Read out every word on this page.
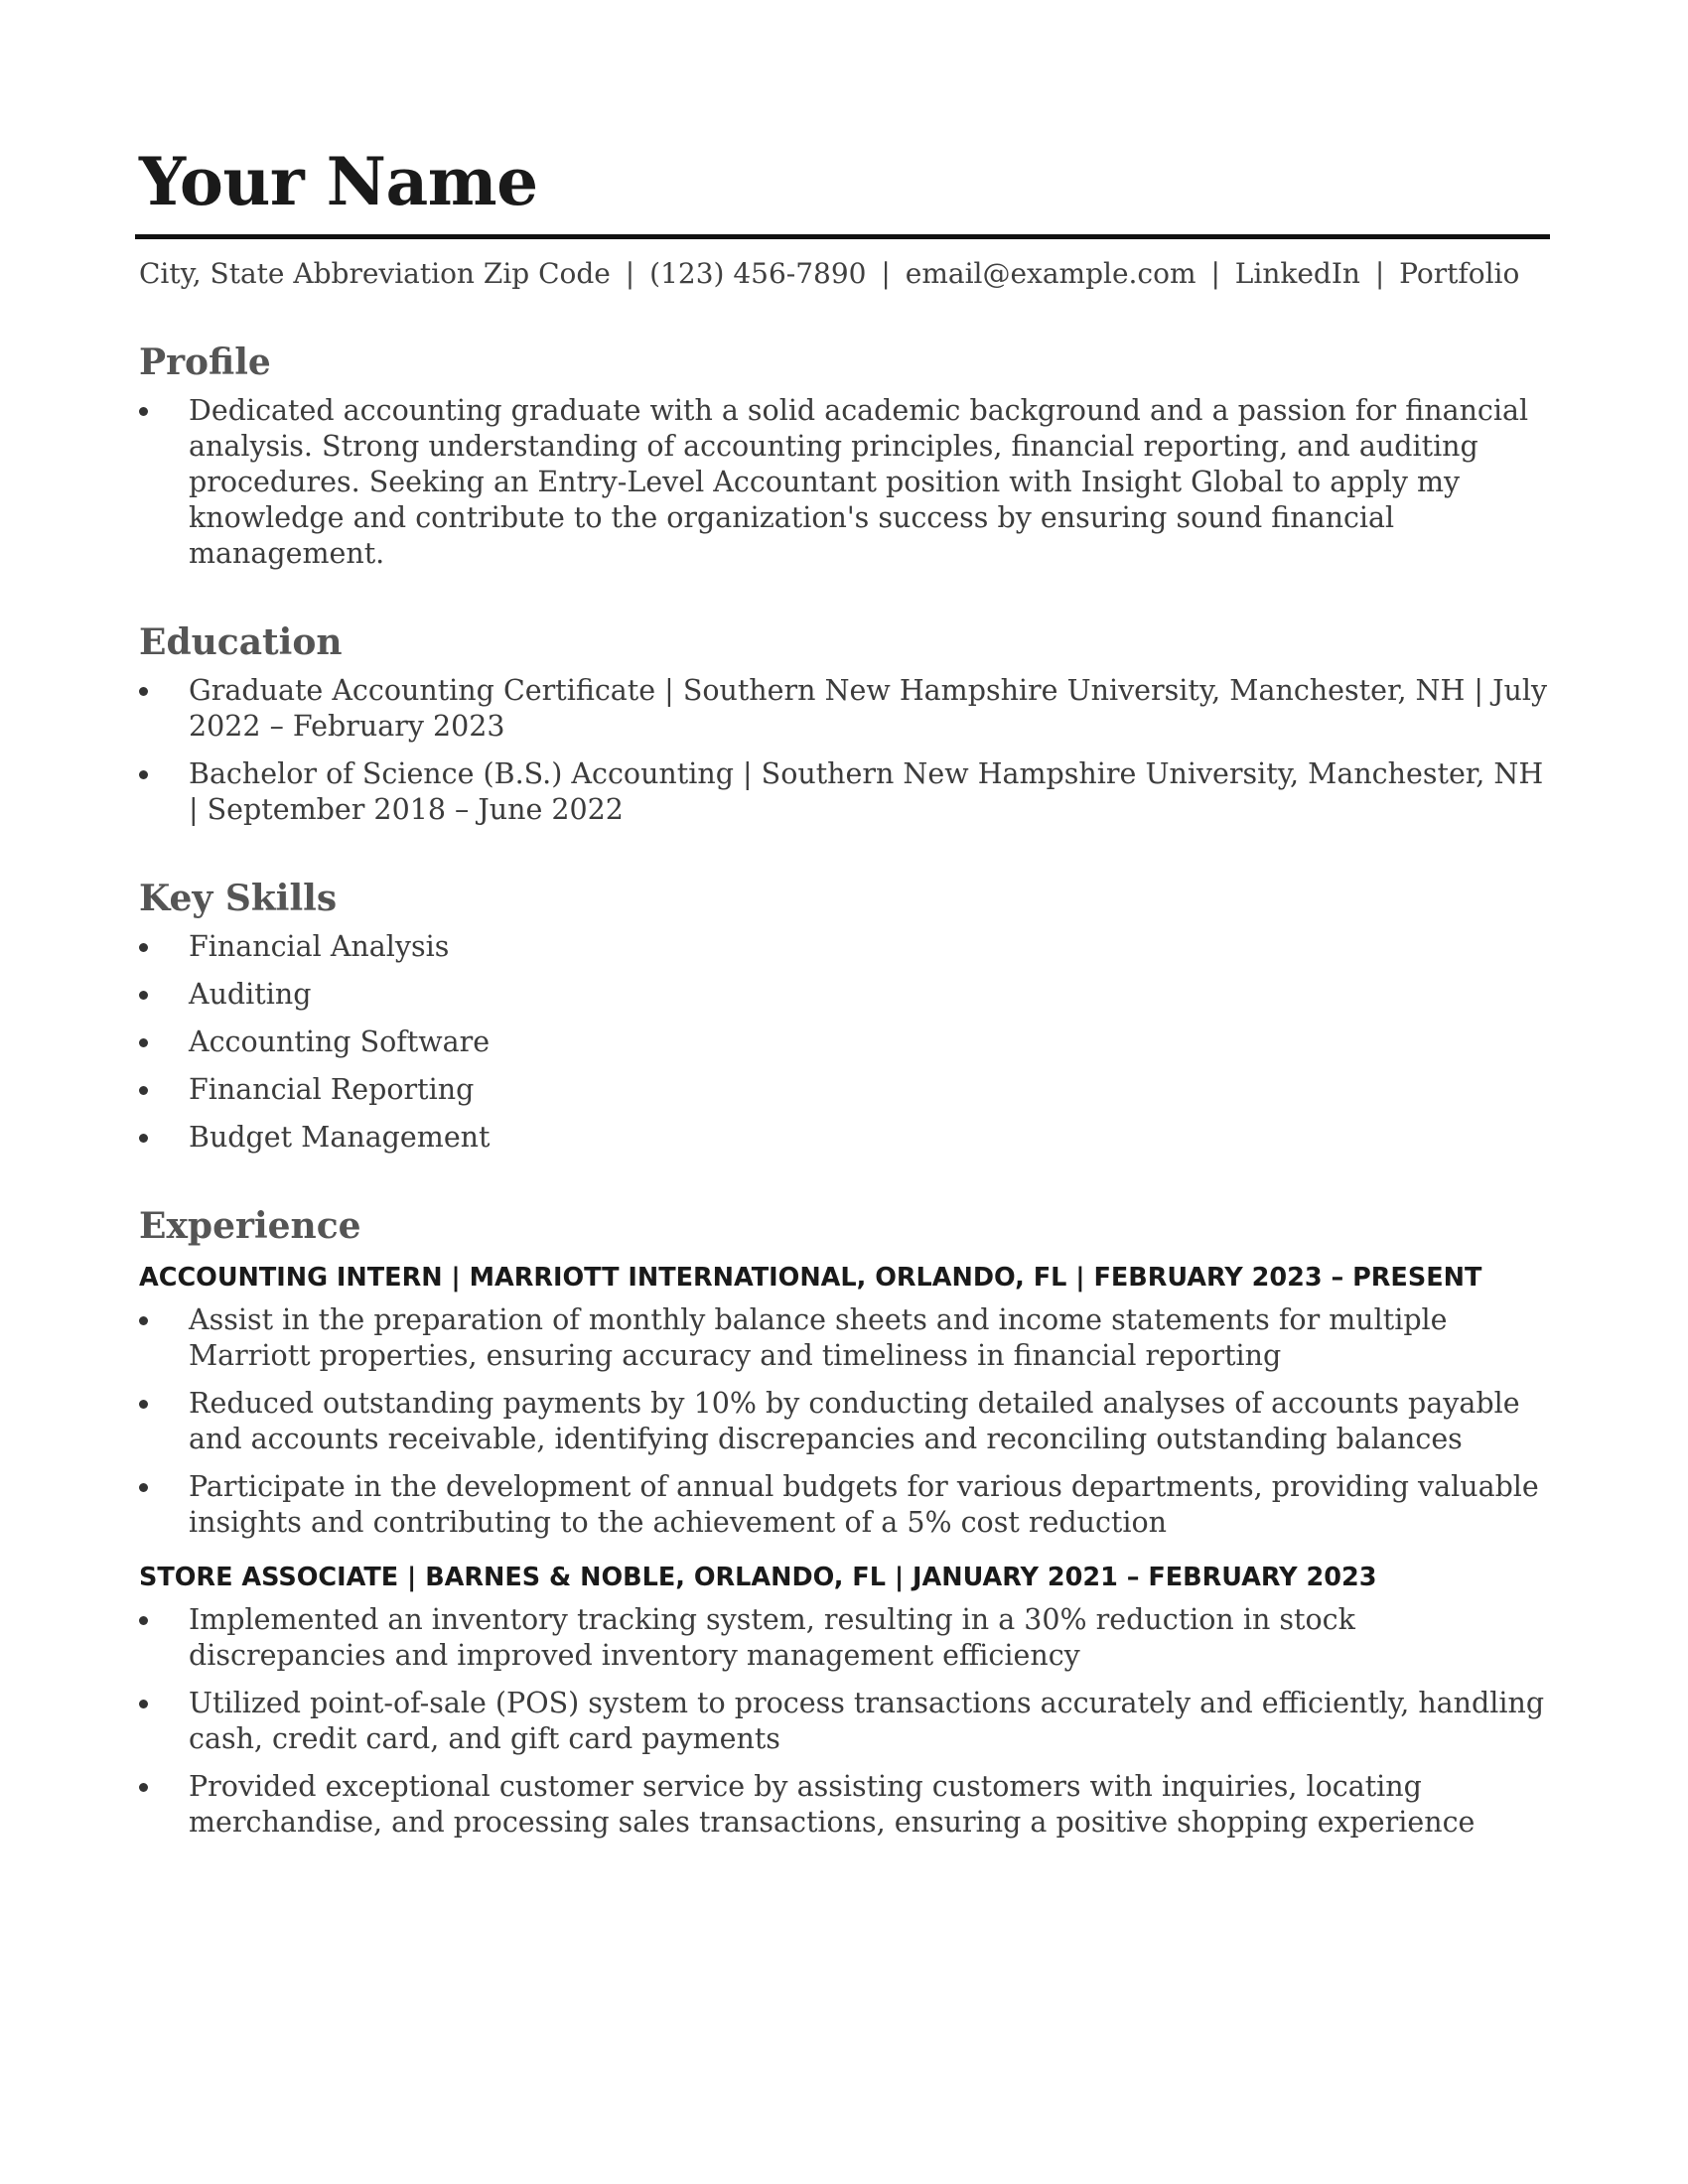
Your Name
City, State Abbreviation Zip Code | (123) 456-7890 | email@example.com | LinkedIn | Portfolio
Profile
Dedicated accounting graduate with a solid academic background and a passion for financial analysis. Strong understanding of accounting principles, financial reporting, and auditing procedures. Seeking an Entry-Level Accountant position with Insight Global to apply my knowledge and contribute to the organization's success by ensuring sound financial management.
Education
Graduate Accounting Certificate | Southern New Hampshire University, Manchester, NH | July 2022 – February 2023
Bachelor of Science (B.S.) Accounting | Southern New Hampshire University, Manchester, NH | September 2018 – June 2022
Key Skills
Financial Analysis
Auditing
Accounting Software
Financial Reporting
Budget Management
Experience
ACCOUNTING INTERN | MARRIOTT INTERNATIONAL, ORLANDO, FL | FEBRUARY 2023 – PRESENT
Assist in the preparation of monthly balance sheets and income statements for multiple Marriott properties, ensuring accuracy and timeliness in financial reporting
Reduced outstanding payments by 10% by conducting detailed analyses of accounts payable and accounts receivable, identifying discrepancies and reconciling outstanding balances
Participate in the development of annual budgets for various departments, providing valuable insights and contributing to the achievement of a 5% cost reduction
STORE ASSOCIATE | BARNES & NOBLE, ORLANDO, FL | JANUARY 2021 – FEBRUARY 2023
Implemented an inventory tracking system, resulting in a 30% reduction in stock discrepancies and improved inventory management efficiency
Utilized point-of-sale (POS) system to process transactions accurately and efficiently, handling cash, credit card, and gift card payments
Provided exceptional customer service by assisting customers with inquiries, locating merchandise, and processing sales transactions, ensuring a positive shopping experience
